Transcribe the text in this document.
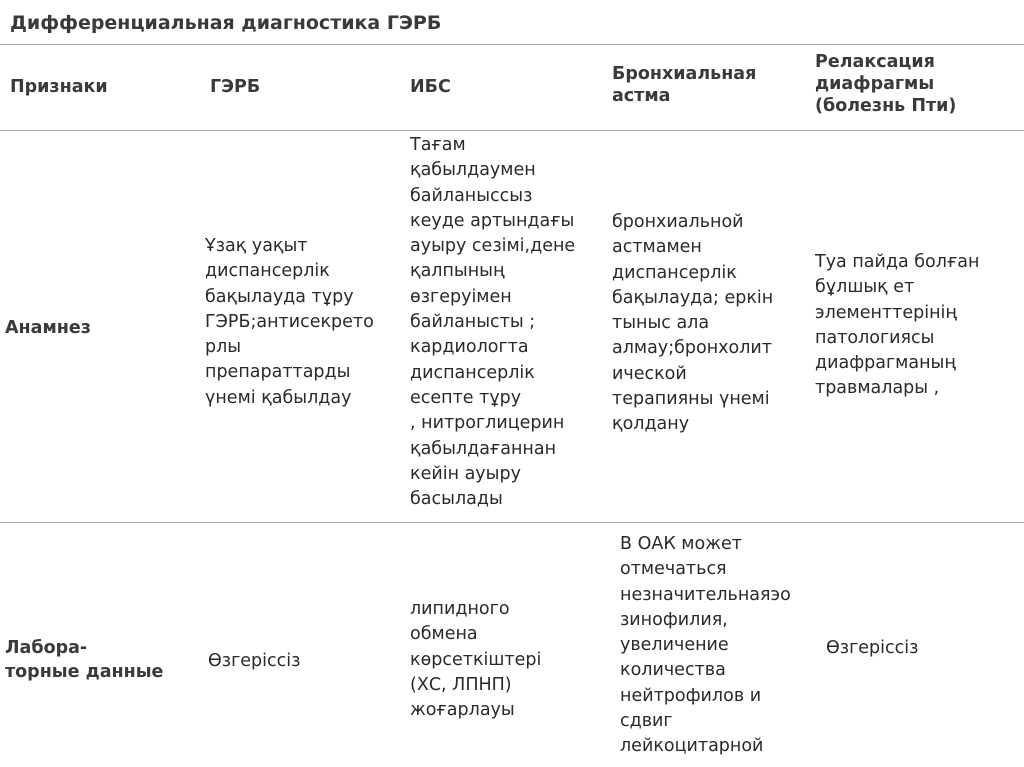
Дифференциальная диагностика ГЭРБ
Признаки	ГЭРБ	ИБС
Бронхиальная
астма
Релаксация
диафрагмы
(болезнь Пти)
Анамнез
Ұзақ уақыт
диспансерлік
бақылауда тұру
ГЭРБ;антисекрето
рлы
препараттарды
үнемі қабылдау
Тағам
қабылдаумен
байланыссыз
кеуде артындағы
ауыру сезімі,дене
қалпының
өзгеруімен
байланысты ;
кардиологта
диспансерлік
есепте тұру
, нитроглицерин
қабылдағаннан
кейін ауыру
басылады
бронхиальной
астмамен
диспансерлік
бақылауда; еркін
тыныс ала
алмау;бронхолит
ической
терапияны үнемі
қолдану
Туа пайда болған
бұлшық ет
элементтерінің
патологиясы
диафрагманың
травмалары ,
Лабора-
торные данные
Өзгеріссіз
липидного
обмена
көрсеткіштері
(ХС, ЛПНП)
жоғарлауы
В ОАК может
отмечаться
незначительнаяэо
зинофилия,
увеличение
количества
нейтрофилов и
сдвиг
лейкоцитарной
Өзгеріссіз
